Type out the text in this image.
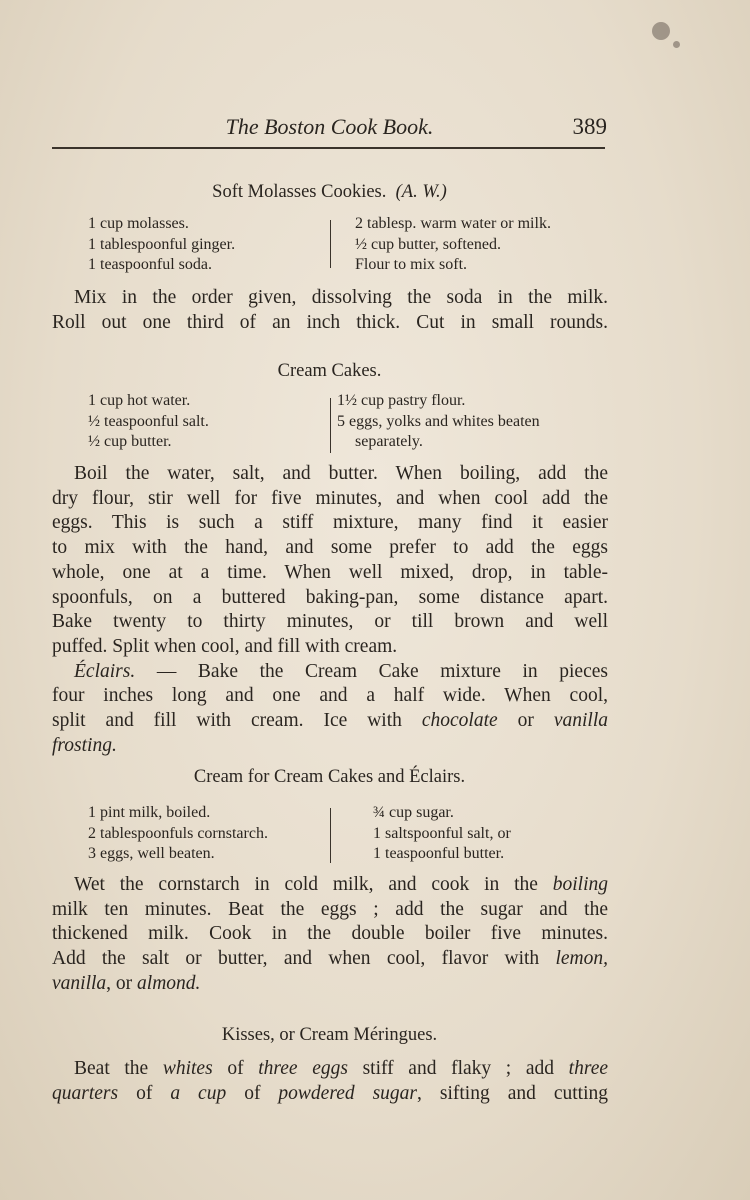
The Boston Cook Book.	389
Soft Molasses Cookies. (A. W.)
1 cup molasses.
1 tablespoonful ginger.
1 teaspoonful soda.
2 tablesp. warm water or milk.
½ cup butter, softened.
Flour to mix soft.
Mix in the order given, dissolving the soda in the milk.
Roll out one third of an inch thick. Cut in small rounds.
Cream Cakes.
1 cup hot water.
½ teaspoonful salt.
½ cup butter.
1½ cup pastry flour.
5 eggs, yolks and whites beaten
separately.
Boil the water, salt, and butter. When boiling, add the
dry flour, stir well for five minutes, and when cool add the
eggs. This is such a stiff mixture, many find it easier
to mix with the hand, and some prefer to add the eggs
whole, one at a time. When well mixed, drop, in table-
spoonfuls, on a buttered baking-pan, some distance apart.
Bake twenty to thirty minutes, or till brown and well
puffed. Split when cool, and fill with cream.
Éclairs. — Bake the Cream Cake mixture in pieces
four inches long and one and a half wide. When cool,
split and fill with cream. Ice with chocolate or vanilla
frosting.
Cream for Cream Cakes and Éclairs.
1 pint milk, boiled.
2 tablespoonfuls cornstarch.
3 eggs, well beaten.
¾ cup sugar.
1 saltspoonful salt, or
1 teaspoonful butter.
Wet the cornstarch in cold milk, and cook in the boiling
milk ten minutes. Beat the eggs ; add the sugar and the
thickened milk. Cook in the double boiler five minutes.
Add the salt or butter, and when cool, flavor with lemon,
vanilla, or almond.
Kisses, or Cream Méringues.
Beat the whites of three eggs stiff and flaky ; add three
quarters of a cup of powdered sugar, sifting and cutting
